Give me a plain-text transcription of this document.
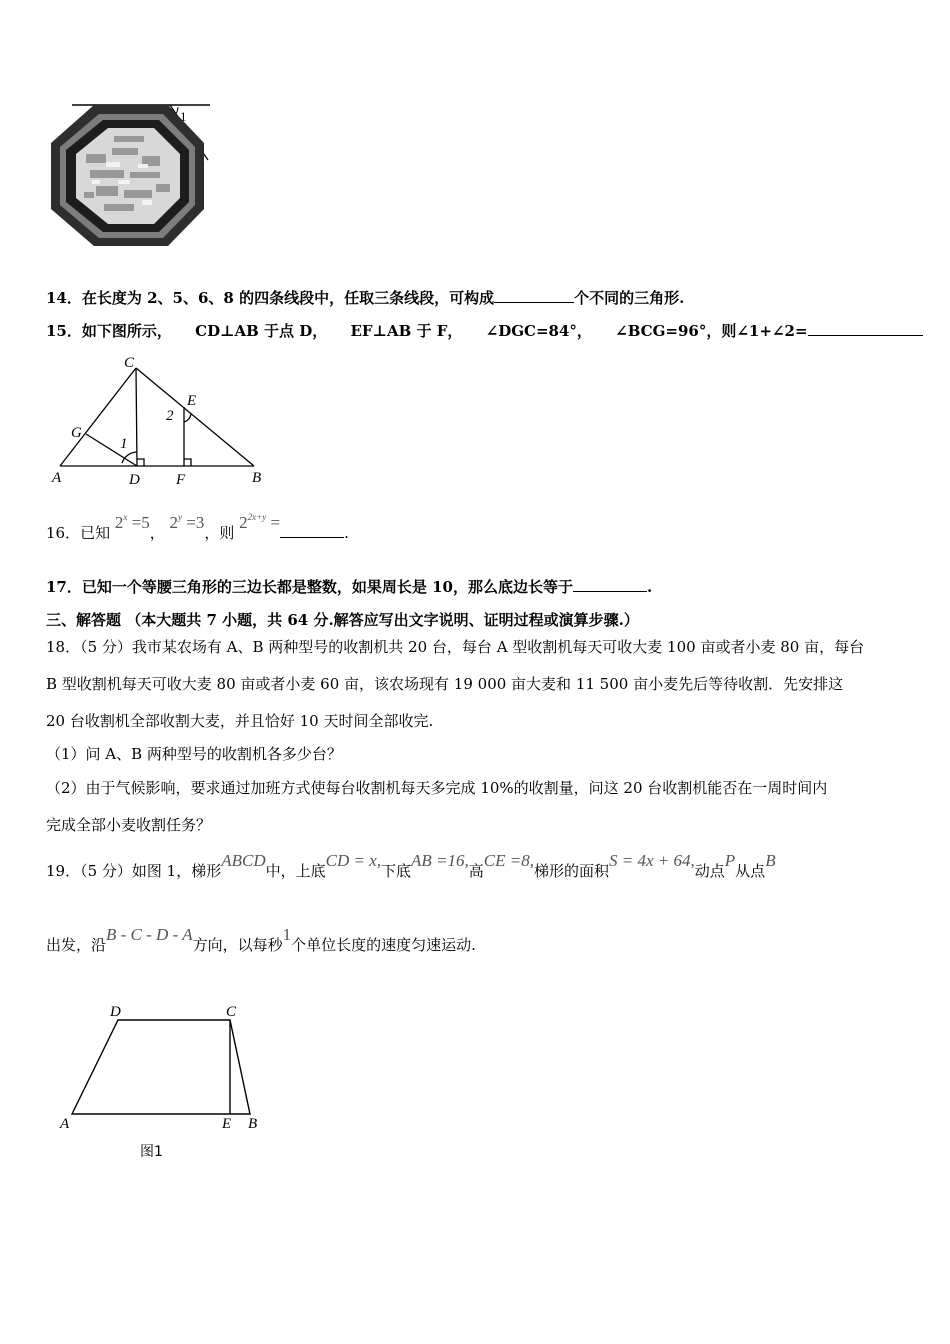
1
14．在长度为 2、5、6、8 的四条线段中，任取三条线段，可构成	个不同的三角形.
15．如下图所示， CD⊥AB 于点 D， EF⊥AB 于 F， ∠DGC=84°， ∠BCG=96°，则∠1+∠2=
C
E
2
G
1
A	D F	B
16．已知 $2^x =5$， $2^y =3$，则 $2^{2x+y}$ =.
17．已知一个等腰三角形的三边长都是整数，如果周长是 10，那么底边长等于	.
三、解答题 （本大题共 7 小题，共 64 分.解答应写出文字说明、证明过程或演算步骤.）
18．（5 分）我市某农场有 A、B 两种型号的收割机共 20 台，每台 A 型收割机每天可收大麦 100 亩或者小麦 80 亩，每台
B 型收割机每天可收大麦 80 亩或者小麦 60 亩，该农场现有 19 000 亩大麦和 11 500 亩小麦先后等待收割．先安排这
20 台收割机全部收割大麦，并且恰好 10 天时间全部收完.
（1）问 A、B 两种型号的收割机各多少台？
（2）由于气候影响，要求通过加班方式使每台收割机每天多完成 10%的收割量，问这 20 台收割机能否在一周时间内
完成全部小麦收割任务？
19．（5 分）如图 1，梯形ABCD中，上底CD = x,下底AB =16,高CE =8,梯形的面积S = 4x + 64,动点P从点B
出发，沿B - C - D - A方向，以每秒1个单位长度的速度匀速运动.
D	C
A	E B
图1
